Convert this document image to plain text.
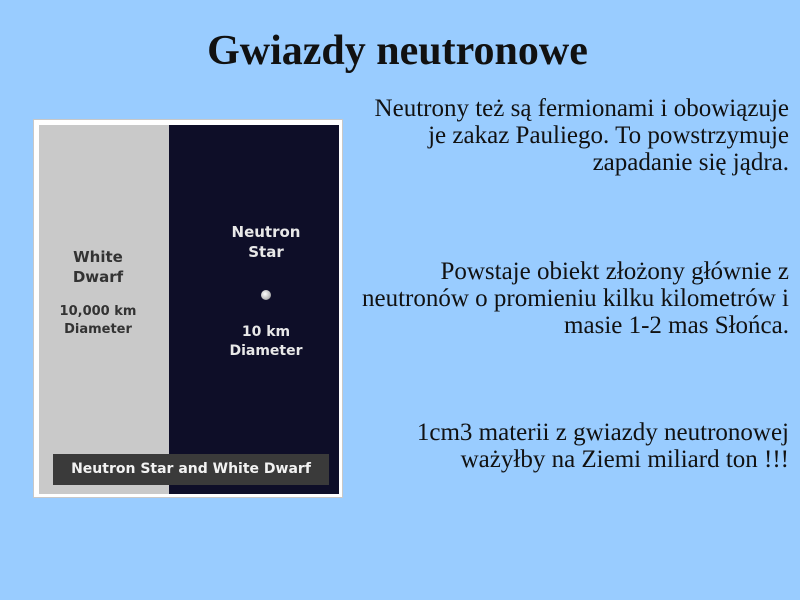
Gwiazdy neutronowe
White
Dwarf
10,000 km
Diameter
Neutron
Star
10 km
Diameter
Neutron Star and White Dwarf
Neutrony też są fermionami i obowiązuje je zakaz Pauliego. To powstrzymuje zapadanie się jądra.
Powstaje obiekt złożony głównie z neutronów o promieniu kilku kilometrów i masie 1-2 mas Słońca.
1cm3 materii z gwiazdy neutronowej ważyłby na Ziemi miliard ton !!!
